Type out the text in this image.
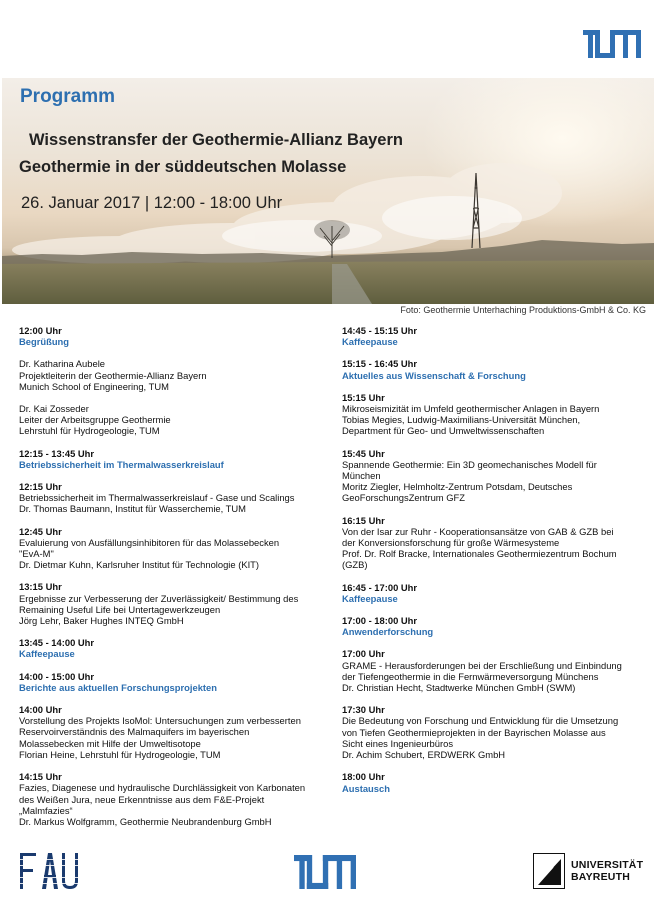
Programm
Wissenstransfer der Geothermie-Allianz Bayern
Geothermie in der süddeutschen Molasse
26. Januar 2017 | 12:00 - 18:00 Uhr
Foto: Geothermie Unterhaching Produktions-GmbH & Co. KG
12:00 Uhr
Begrüßung
Dr. Katharina Aubele
Projektleiterin der Geothermie-Allianz Bayern
Munich School of Engineering, TUM
Dr. Kai Zosseder
Leiter der Arbeitsgruppe Geothermie
Lehrstuhl für Hydrogeologie, TUM
12:15 - 13:45 Uhr
Betriebssicherheit im Thermalwasserkreislauf
12:15 Uhr
Betriebssicherheit im Thermalwasserkreislauf - Gase und Scalings
Dr. Thomas Baumann, Institut für Wasserchemie, TUM
12:45 Uhr
Evaluierung von Ausfällungsinhibitoren für das Molassebecken
"EvA-M"
Dr. Dietmar Kuhn, Karlsruher Institut für Technologie (KIT)
13:15 Uhr
Ergebnisse zur Verbesserung der Zuverlässigkeit/ Bestimmung des
Remaining Useful Life bei Untertagewerkzeugen
Jörg Lehr, Baker Hughes INTEQ GmbH
13:45 - 14:00 Uhr
Kaffeepause
14:00 - 15:00 Uhr
Berichte aus aktuellen Forschungsprojekten
14:00 Uhr
Vorstellung des Projekts IsoMol: Untersuchungen zum verbesserten
Reservoirverständnis des Malmaquifers im bayerischen
Molassebecken mit Hilfe der Umweltisotope
Florian Heine, Lehrstuhl für Hydrogeologie, TUM
14:15 Uhr
Fazies, Diagenese und hydraulische Durchlässigkeit von Karbonaten
des Weißen Jura, neue Erkenntnisse aus dem F&E-Projekt
„Malmfazies“
Dr. Markus Wolfgramm, Geothermie Neubrandenburg GmbH
14:45 - 15:15 Uhr
Kaffeepause
15:15 - 16:45 Uhr
Aktuelles aus Wissenschaft & Forschung
15:15 Uhr
Mikroseismizität im Umfeld geothermischer Anlagen in Bayern
Tobias Megies, Ludwig-Maximilians-Universität München,
Department für Geo- und Umweltwissenschaften
15:45 Uhr
Spannende Geothermie: Ein 3D geomechanisches Modell für
München
Moritz Ziegler, Helmholtz-Zentrum Potsdam, Deutsches
GeoForschungsZentrum GFZ
16:15 Uhr
Von der Isar zur Ruhr - Kooperationsansätze von GAB & GZB bei
der Konversionsforschung für große Wärmesysteme
Prof. Dr. Rolf Bracke, Internationales Geothermiezentrum Bochum
(GZB)
16:45 - 17:00 Uhr
Kaffeepause
17:00 - 18:00 Uhr
Anwenderforschung
17:00 Uhr
GRAME - Herausforderungen bei der Erschließung und Einbindung
der Tiefengeothermie in die Fernwärmeversorgung Münchens
Dr. Christian Hecht, Stadtwerke München GmbH (SWM)
17:30 Uhr
Die Bedeutung von Forschung und Entwicklung für die Umsetzung
von Tiefen Geothermieprojekten in der Bayrischen Molasse aus
Sicht eines Ingenieurbüros
Dr. Achim Schubert, ERDWERK GmbH
18:00 Uhr
Austausch
UNIVERSITÄT
BAYREUTH
